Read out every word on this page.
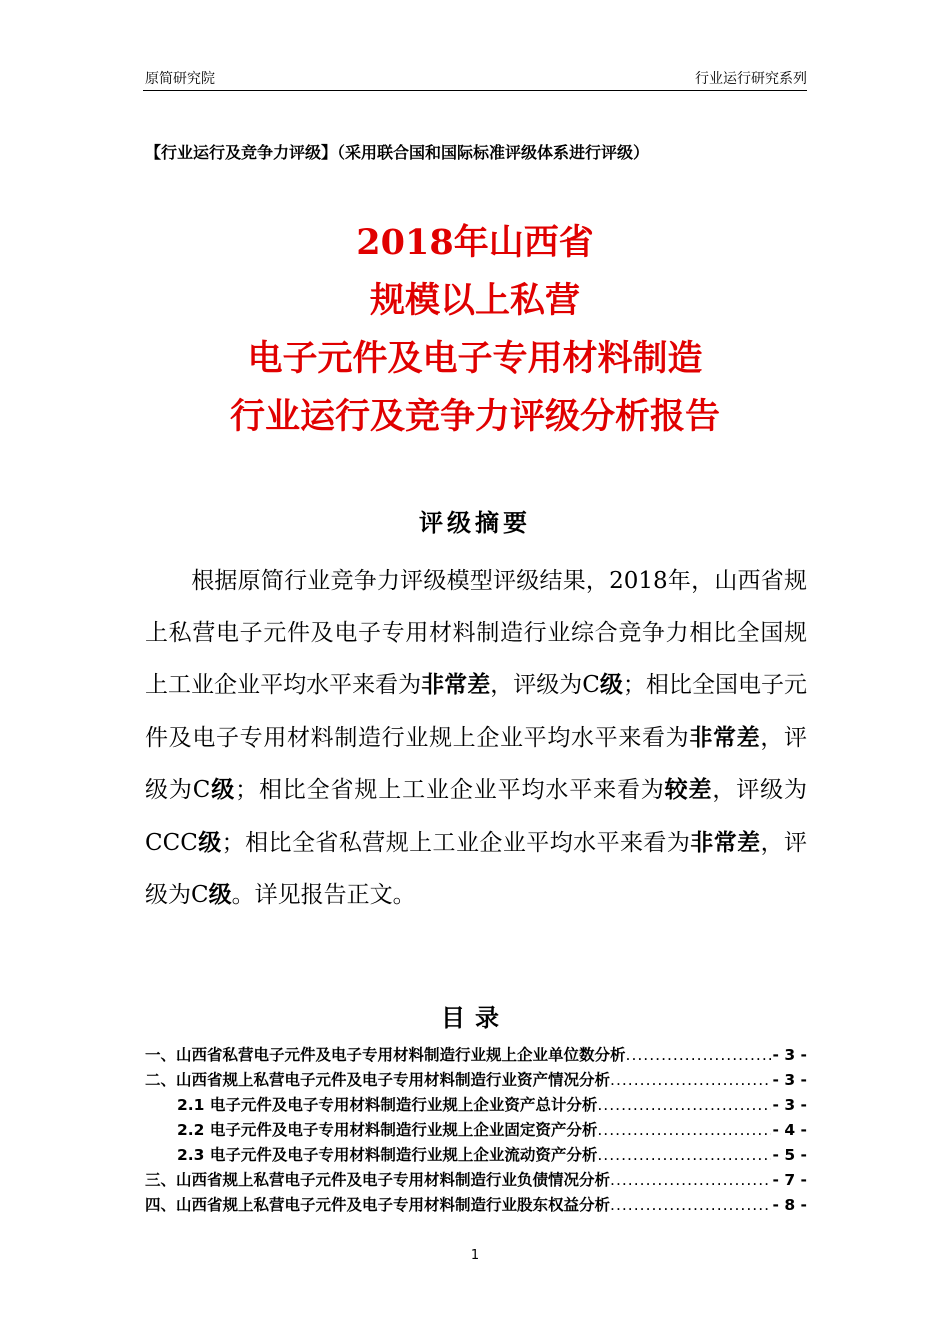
原简研究院	行业运行研究系列
【行业运行及竞争力评级】（采用联合国和国际标准评级体系进行评级）
2018年山西省
规模以上私营
电子元件及电子专用材料制造
行业运行及竞争力评级分析报告
评级摘要
根据原简行业竞争力评级模型评级结果，2018年，山西省规上私营电子元件及电子专用材料制造行业综合竞争力相比全国规上工业企业平均水平来看为非常差，评级为C级；相比全国电子元件及电子专用材料制造行业规上企业平均水平来看为非常差，评级为C级；相比全省规上工业企业平均水平来看为较差，评级为CCC级；相比全省私营规上工业企业平均水平来看为非常差，评级为C级。详见报告正文。
目录
一、山西省私营电子元件及电子专用材料制造行业规上企业单位数分析 .....	- 3 -
二、山西省规上私营电子元件及电子专用材料制造行业资产情况分析 .....	- 3 -
2.1 电子元件及电子专用材料制造行业规上企业资产总计分析 .....	- 3 -
2.2 电子元件及电子专用材料制造行业规上企业固定资产分析 .....	- 4 -
2.3 电子元件及电子专用材料制造行业规上企业流动资产分析 .....	- 5 -
三、山西省规上私营电子元件及电子专用材料制造行业负债情况分析 .....	- 7 -
四、山西省规上私营电子元件及电子专用材料制造行业股东权益分析 .....	- 8 -
1
